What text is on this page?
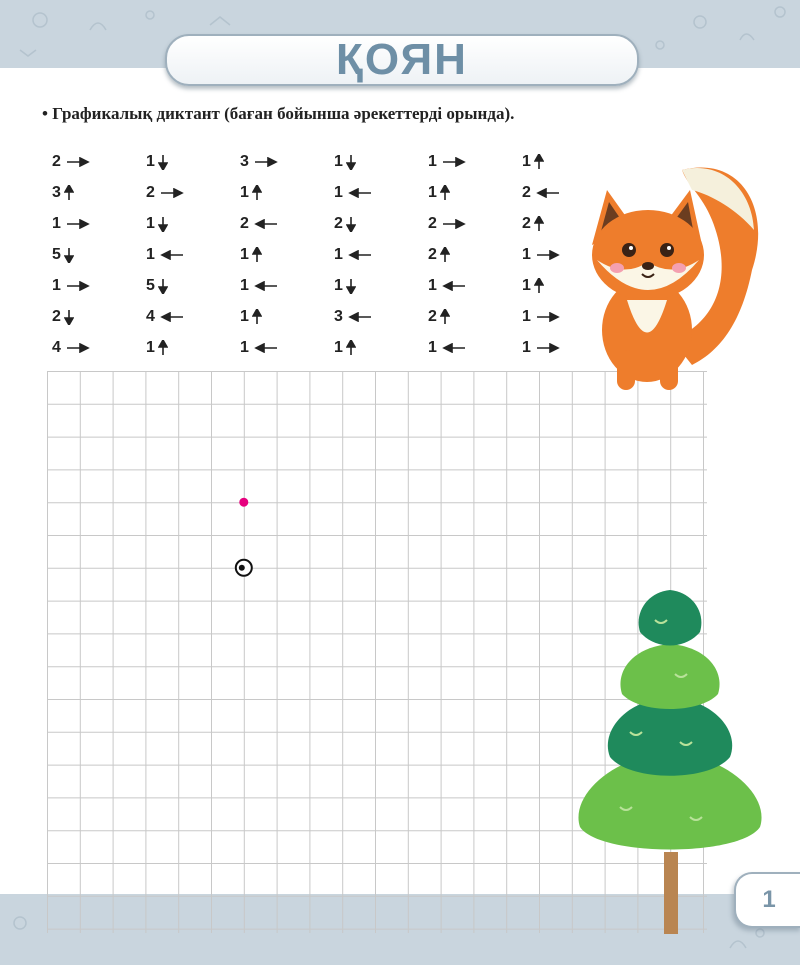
ҚОЯН
• Графикалық диктант (баған бойынша әрекеттерді орында).
2
3
1
5
1
2
4
1
2
1
1
5
4
1
3
1
2
1
1
1
1
1
1
2
1
1
3
1
1
1
2
2
1
2
1
1
2
2
1
1
1
1
1
